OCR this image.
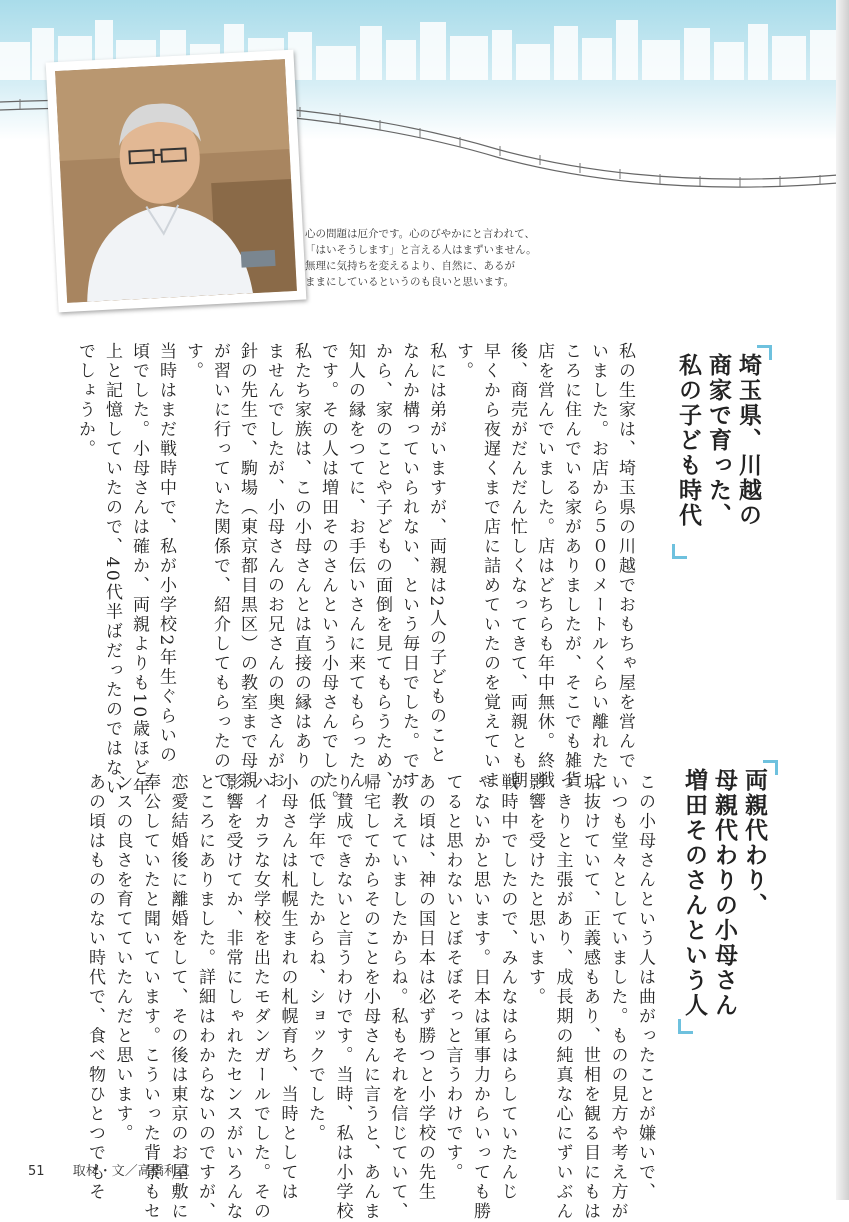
心の問題は厄介です。心のびやかにと言われて、
「はいそうします」と言える人はまずいません。
無理に気持ちを変えるより、自然に、あるが
ままにしているというのも良いと思います。
埼玉県、川越の
商家で育った、
私の子ども時代
私の生家は、埼玉県の川越でおもちゃ屋を営んで
いました。お店から５００メートルくらい離れたと
ころに住んでいる家がありましたが、そこでも雑貨
店を営んでいました。店はどちらも年中無休。終戦
後、商売がだんだん忙しくなってきて、両親とも朝
早くから夜遅くまで店に詰めていたのを覚えていま
す。
私には弟がいますが、両親は2人の子どものこと
なんか構っていられない、という毎日でした。です
から、家のことや子どもの面倒を見てもらうため、
知人の縁をつてに、お手伝いさんに来てもらったん
です。その人は増田そのさんという小母さんでした。
私たち家族は、この小母さんとは直接の縁はあり
ませんでしたが、小母さんのお兄さんの奥さんがお
針の先生で、駒場（東京都目黒区）の教室まで母親
が習いに行っていた関係で、紹介してもらったので
す。
当時はまだ戦時中で、私が小学校2年生ぐらいの
頃でした。小母さんは確か、両親よりも10歳ほど年
上と記憶していたので、40代半ばだったのではない
でしょうか。
両親代わり、
母親代わりの小母さん
増田そのさんという人
この小母さんという人は曲がったことが嫌いで、
いつも堂々としていました。ものの見方や考え方が
垢抜けていて、正義感もあり、世相を観る目にもは
っきりと主張があり、成長期の純真な心にずいぶん
影響を受けたと思います。
戦時中でしたので、みんなはらはらしていたんじ
ゃないかと思います。日本は軍事力からいっても勝
てると思わないとぼそぼそっと言うわけです。
あの頃は、神の国日本は必ず勝つと小学校の先生
が教えていましたからね。私もそれを信じていて、
帰宅してからそのことを小母さんに言うと、あんま
り賛成できないと言うわけです。当時、私は小学校
の低学年でしたからね、ショックでした。
小母さんは札幌生まれの札幌育ち、当時としては
ハイカラな女学校を出たモダンガールでした。その
影響を受けてか、非常にしゃれたセンスがいろんな
ところにありました。詳細はわからないのですが、
恋愛結婚後に離婚をして、その後は東京のお屋敷に
奉公していたと聞いています。こういった背景もセ
ンスの良さを育てていたんだと思います。
あの頃はもののない時代で、食べ物ひとつでもそ
51 取材・文／高橋利直
